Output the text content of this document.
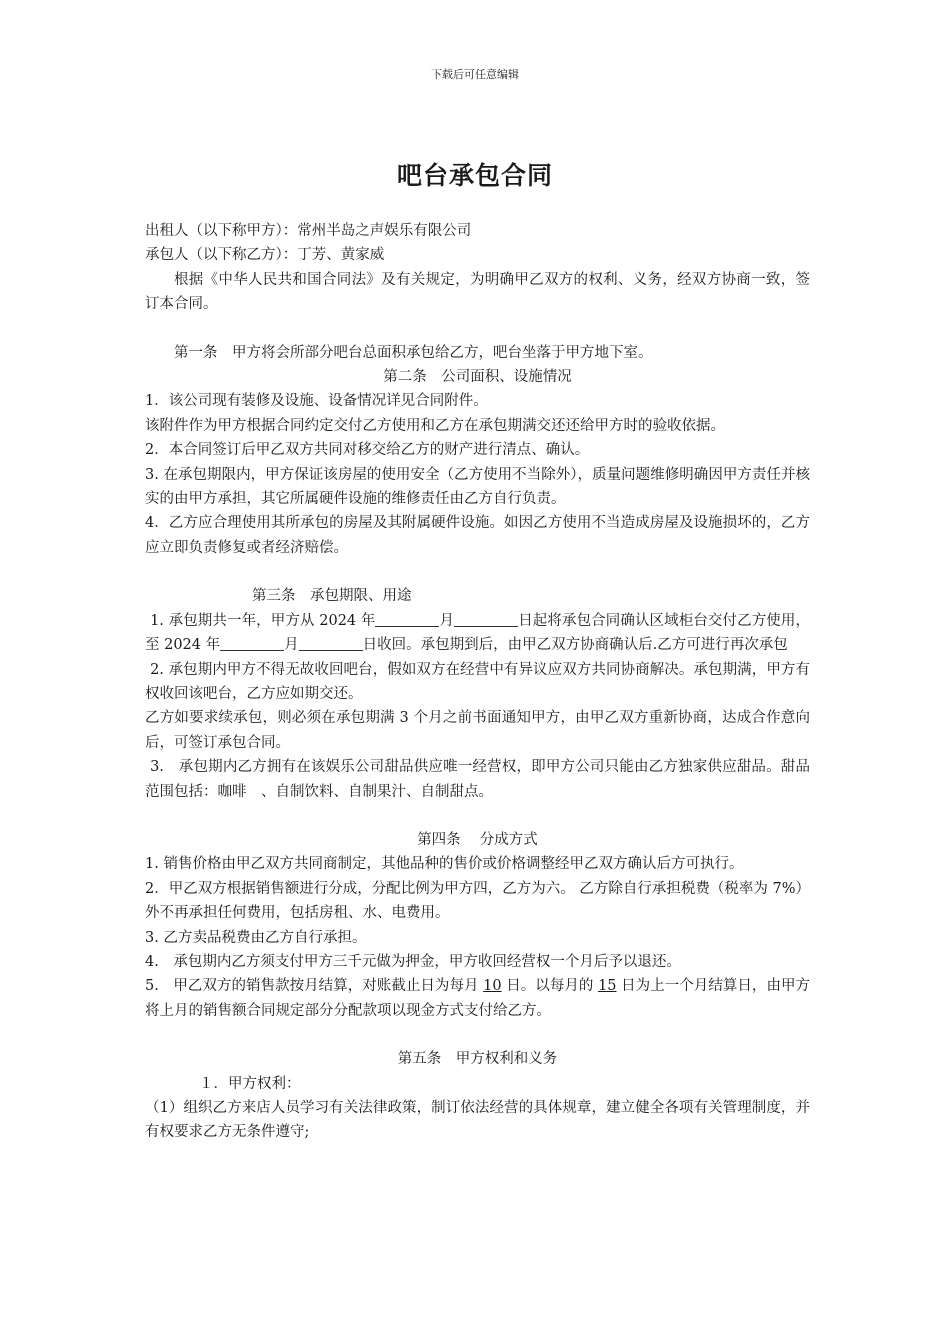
下载后可任意编辑
吧台承包合同

出租人（以下称甲方）：常州半岛之声娱乐有限公司

承包人（以下称乙方）：丁芳、黄家威

根据《中华人民共和国合同法》及有关规定，为明确甲乙双方的权利、义务，经双方协商一致，签订本合同。

第一条　甲方将会所部分吧台总面积承包给乙方，吧台坐落于甲方地下室。

第二条　公司面积、设施情况

1．该公司现有装修及设施、设备情况详见合同附件。

该附件作为甲方根据合同约定交付乙方使用和乙方在承包期满交还还给甲方时的验收依据。

2．本合同签订后甲乙双方共同对移交给乙方的财产进行清点、确认。

3. 在承包期限内，甲方保证该房屋的使用安全（乙方使用不当除外），质量问题维修明确因甲方责任并核实的由甲方承担，其它所属硬件设施的维修责任由乙方自行负责。

4．乙方应合理使用其所承包的房屋及其附属硬件设施。如因乙方使用不当造成房屋及设施损坏的，乙方应立即负责修复或者经济赔偿。

第三条　承包期限、用途

1. 承包期共一年，甲方从 2024 年	月	日起将承包合同确认区域柜台交付乙方使用，至 2024 年	月	日收回。承包期到后，由甲乙双方协商确认后.乙方可进行再次承包

2. 承包期内甲方不得无故收回吧台，假如双方在经营中有异议应双方共同协商解决。承包期满，甲方有权收回该吧台，乙方应如期交还。

乙方如要求续承包，则必须在承包期满 3 个月之前书面通知甲方，由甲乙双方重新协商，达成合作意向后，可签订承包合同。

3.　承包期内乙方拥有在该娱乐公司甜品供应唯一经营权，即甲方公司只能由乙方独家供应甜品。甜品范围包括：咖啡　、自制饮料、自制果汁、自制甜点。

第四条　 分成方式

1. 销售价格由甲乙双方共同商制定，其他品种的售价或价格调整经甲乙双方确认后方可执行。

2．甲乙双方根据销售额进行分成，分配比例为甲方四，乙方为六。 乙方除自行承担税费（税率为 7%）外不再承担任何费用，包括房租、水、电费用。

3. 乙方卖品税费由乙方自行承担。

4.　承包期内乙方须支付甲方三千元做为押金，甲方收回经营权一个月后予以退还。

5.　甲乙双方的销售款按月结算，对账截止日为每月 10 日。以每月的 15 日为上一个月结算日，由甲方将上月的销售额合同规定部分分配款项以现金方式支付给乙方。

第五条　甲方权利和义务

１．甲方权利：

（1）组织乙方来店人员学习有关法律政策，制订依法经营的具体规章，建立健全各项有关管理制度，并有权要求乙方无条件遵守;
